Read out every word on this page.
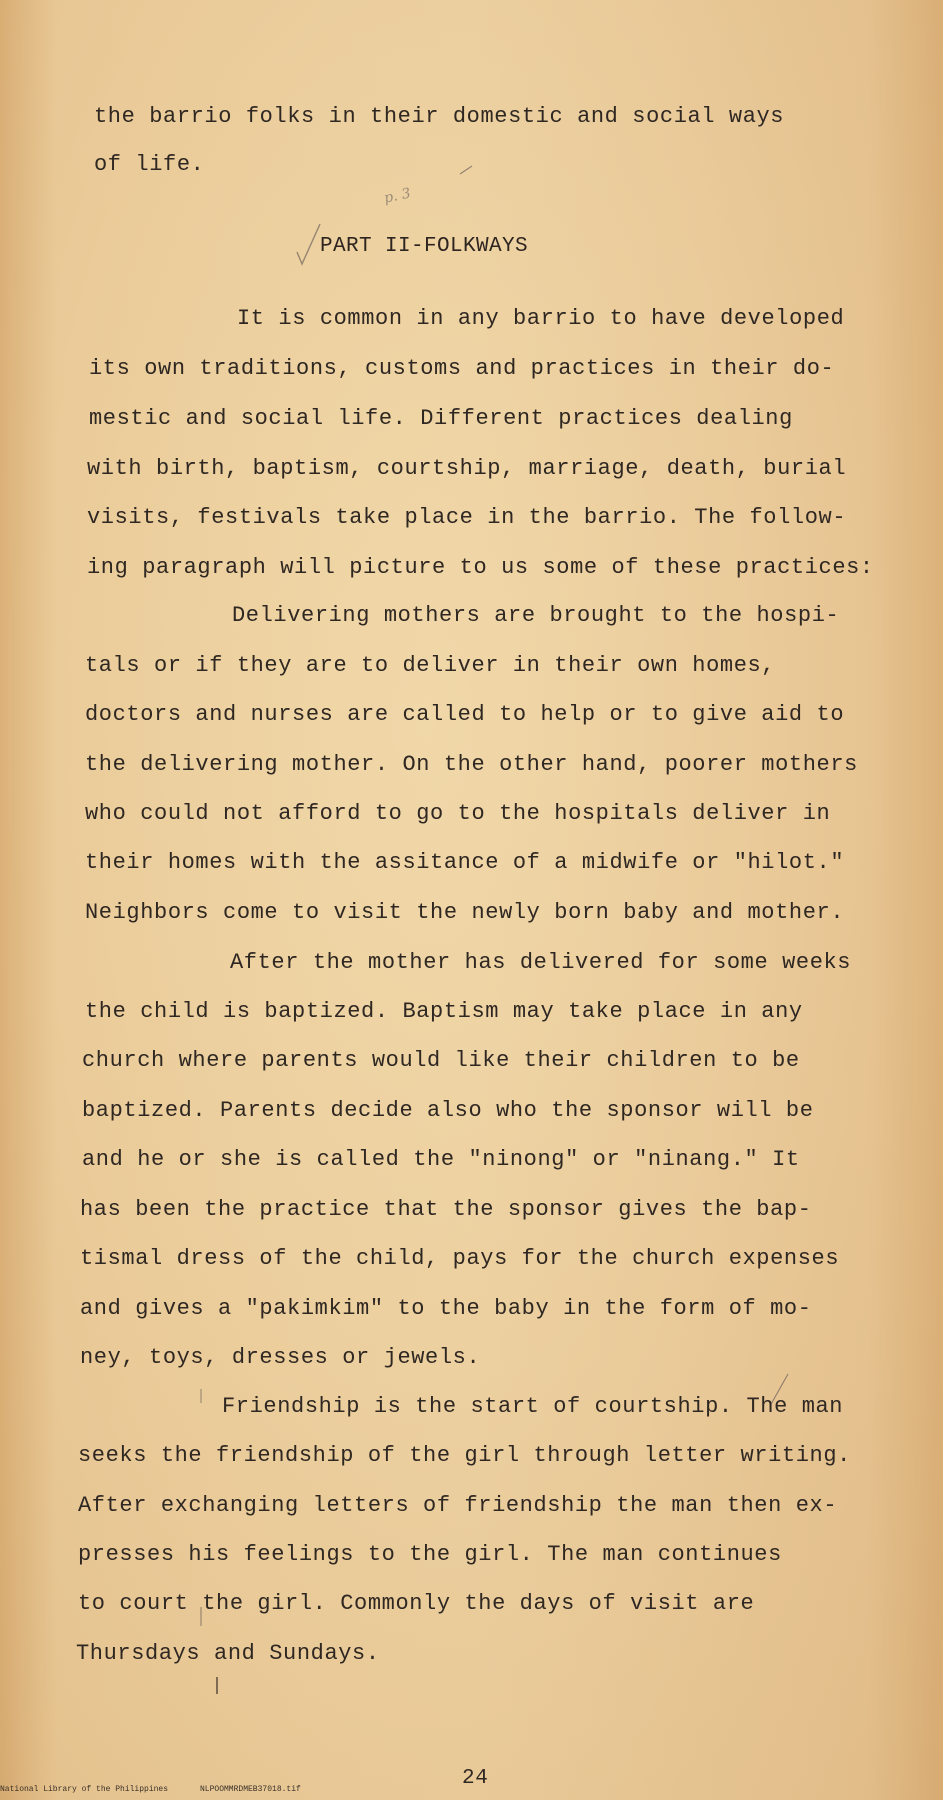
p. 3

the barrio folks in their domestic and social ways

of life.

PART II-FOLKWAYS

It is common in any barrio to have developed

its own traditions, customs and practices in their do-

mestic and social life. Different practices dealing

with birth, baptism, courtship, marriage, death, burial

visits, festivals take place in the barrio. The follow-

ing paragraph will picture to us some of these practices:

Delivering mothers are brought to the hospi-

tals or if they are to deliver in their own homes,

doctors and nurses are called to help or to give aid to

the delivering mother. On the other hand, poorer mothers

who could not afford to go to the hospitals deliver in

their homes with the assitance of a midwife or "hilot."

Neighbors come to visit the newly born baby and mother.

After the mother has delivered for some weeks

the child is baptized. Baptism may take place in any

church where parents would like their children to be

baptized. Parents decide also who the sponsor will be

and he or she is called the "ninong" or "ninang." It

has been the practice that the sponsor gives the bap-

tismal dress of the child, pays for the church expenses

and gives a "pakimkim" to the baby in the form of mo-

ney, toys, dresses or jewels.

Friendship is the start of courtship. The man

seeks the friendship of the girl through letter writing.

After exchanging letters of friendship the man then ex-

presses his feelings to the girl. The man continues

to court the girl. Commonly the days of visit are

Thursdays and Sundays.

24

National Library of the Philippines	NLPOOMMRDMEB37018.tif
